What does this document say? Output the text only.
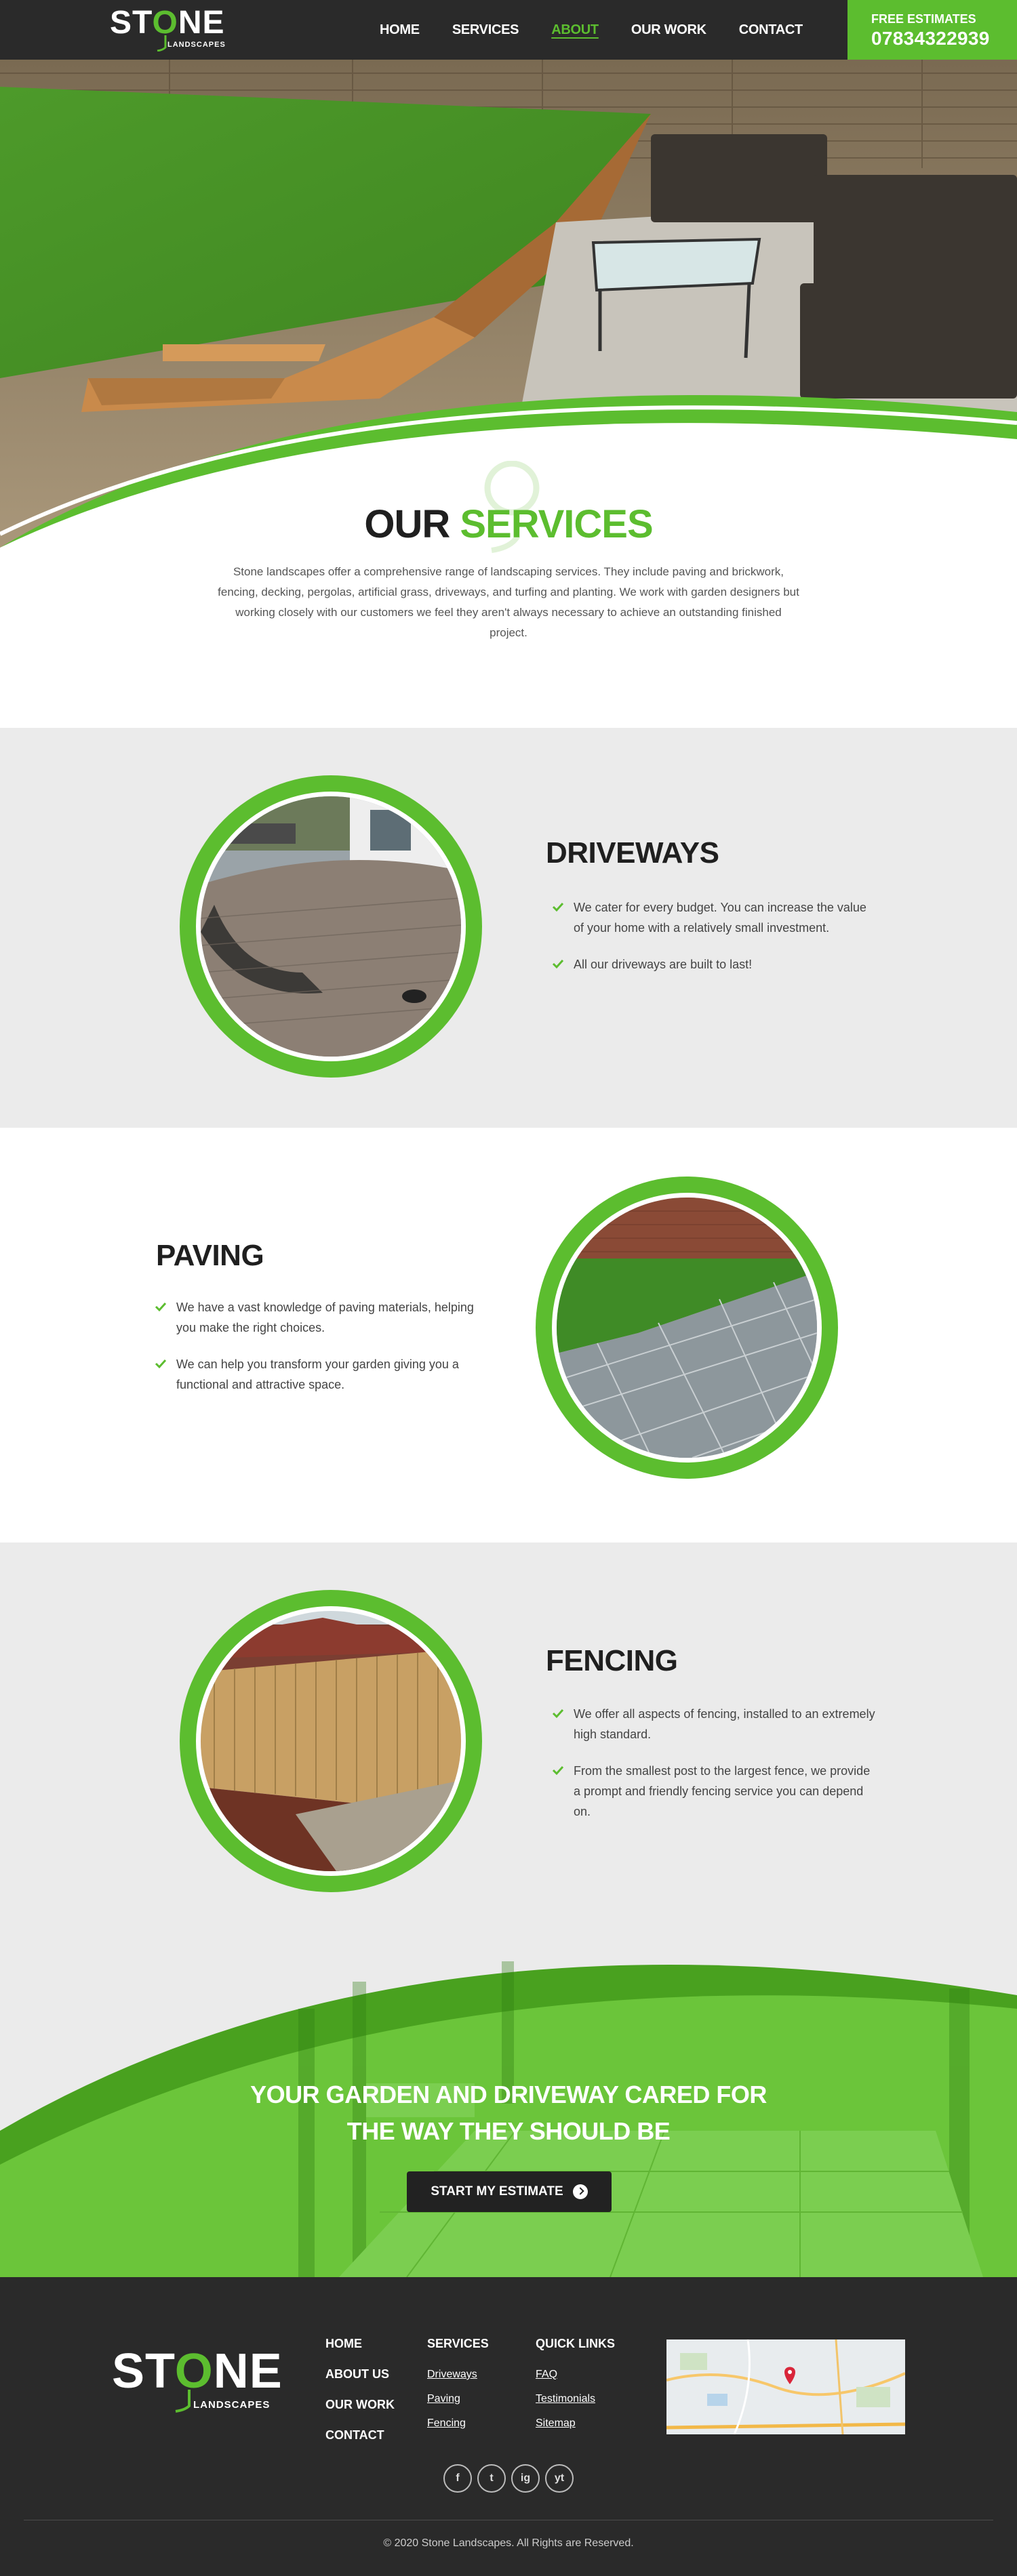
STONE
LANDSCAPES
HOME SERVICES ABOUT OUR WORK CONTACT
FREE ESTIMATES
07834322939
OUR SERVICES

Stone landscapes offer a comprehensive range of landscaping services. They include paving and brickwork, fencing, decking, pergolas, artificial grass, driveways, and turfing and planting. We work with garden designers but working closely with our customers we feel they aren't always necessary to achieve an outstanding finished project.

DRIVEWAYS
We cater for every budget. You can increase the value of your home with a relatively small investment.
All our driveways are built to last!
PAVING
We have a vast knowledge of paving materials, helping you make the right choices.
We can help you transform your garden giving you a functional and attractive space.
FENCING
We offer all aspects of fencing, installed to an extremely high standard.
From the smallest post to the largest fence, we provide a prompt and friendly fencing service you can depend on.
YOUR GARDEN AND DRIVEWAY CARED FOR
THE WAY THEY SHOULD BE
START MY ESTIMATE
STONE
LANDSCAPES
HOME
ABOUT US
OUR WORK
CONTACT
SERVICES
Driveways
Paving
Fencing
QUICK LINKS
FAQ
Testimonials
Sitemap
f	t	ig	yt
© 2020 Stone Landscapes. All Rights are Reserved.
